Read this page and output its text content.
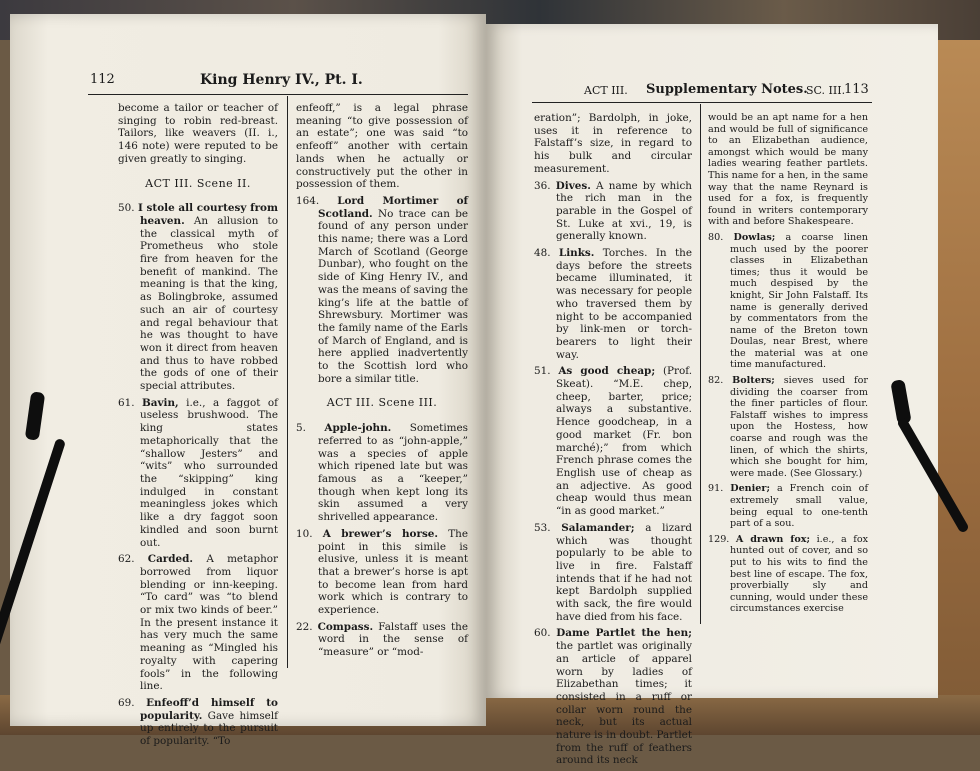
112	King Henry IV., Pt. I.

become a tailor or teacher of singing to robin red-breast. Tailors, like weavers (II. i., 146 note) were reputed to be given greatly to singing.

ACT III. Scene II.

50. I stole all courtesy from heaven. An allusion to the classical myth of Prometheus who stole fire from heaven for the benefit of mankind. The meaning is that the king, as Bolingbroke, assumed such an air of courtesy and regal behaviour that he was thought to have won it direct from heaven and thus to have robbed the gods of one of their special attributes.

61. Bavin, i.e., a faggot of useless brushwood. The king states metaphorically that the “shallow Jesters” and “wits” who surrounded the “skipping” king indulged in constant meaningless jokes which like a dry faggot soon kindled and soon burnt out.

62. Carded. A metaphor borrowed from liquor blending or inn-keeping. “To card” was “to blend or mix two kinds of beer.” In the present instance it has very much the same meaning as “Mingled his royalty with capering fools” in the following line.

69. Enfeoff’d himself to popularity. Gave himself up entirely to the pursuit of popularity. “To

enfeoff,” is a legal phrase meaning “to give possession of an estate”; one was said “to enfeoff” another with certain lands when he actually or constructively put the other in possession of them.

164. Lord Mortimer of Scotland. No trace can be found of any person under this name; there was a Lord March of Scotland (George Dunbar), who fought on the side of King Henry IV., and was the means of saving the king’s life at the battle of Shrewsbury. Mortimer was the family name of the Earls of March of England, and is here applied inadvertently to the Scottish lord who bore a similar title.

ACT III. Scene III.

5. Apple-john. Sometimes referred to as “john-apple,” was a species of apple which ripened late but was famous as a “keeper,” though when kept long its skin assumed a very shrivelled appearance.

10. A brewer’s horse. The point in this simile is elusive, unless it is meant that a brewer’s horse is apt to become lean from hard work which is contrary to experience.

22. Compass. Falstaff uses the word in the sense of “measure” or “mod-

ACT III. Supplementary Notes.
SC. III.
113

eration”; Bardolph, in joke, uses it in reference to Falstaff’s size, in regard to his bulk and circular measurement.

36. Dives. A name by which the rich man in the parable in the Gospel of St. Luke at xvi., 19, is generally known.

48. Links. Torches. In the days before the streets became illuminated, it was necessary for people who traversed them by night to be accompanied by link-men or torch-bearers to light their way.

51. As good cheap; (Prof. Skeat). “M.E. chep, cheep, barter, price; always a substantive. Hence goodcheap, in a good market (Fr. bon marché);” from which French phrase comes the English use of cheap as an adjective. As good cheap would thus mean “in as good market.”

53. Salamander; a lizard which was thought popularly to be able to live in fire. Falstaff intends that if he had not kept Bardolph supplied with sack, the fire would have died from his face.

60. Dame Partlet the hen; the partlet was originally an article of apparel worn by ladies of Elizabethan times; it consisted in a ruff or collar worn round the neck, but its actual nature is in doubt. Partlet from the ruff of feathers around its neck

would be an apt name for a hen and would be full of significance to an Elizabethan audience, amongst which would be many ladies wearing feather partlets. This name for a hen, in the same way that the name Reynard is used for a fox, is frequently found in writers contemporary with and before Shakespeare.

80. Dowlas; a coarse linen much used by the poorer classes in Elizabethan times; thus it would be much despised by the knight, Sir John Falstaff. Its name is generally derived by commentators from the name of the Breton town Doulas, near Brest, where the material was at one time manufactured.

82. Bolters; sieves used for dividing the coarser from the finer particles of flour. Falstaff wishes to impress upon the Hostess, how coarse and rough was the linen, of which the shirts, which she bought for him, were made. (See Glossary.)

91. Denier; a French coin of extremely small value, being equal to one-tenth part of a sou.

129. A drawn fox; i.e., a fox hunted out of cover, and so put to his wits to find the best line of escape. The fox, proverbially sly and cunning, would under these circumstances exercise
